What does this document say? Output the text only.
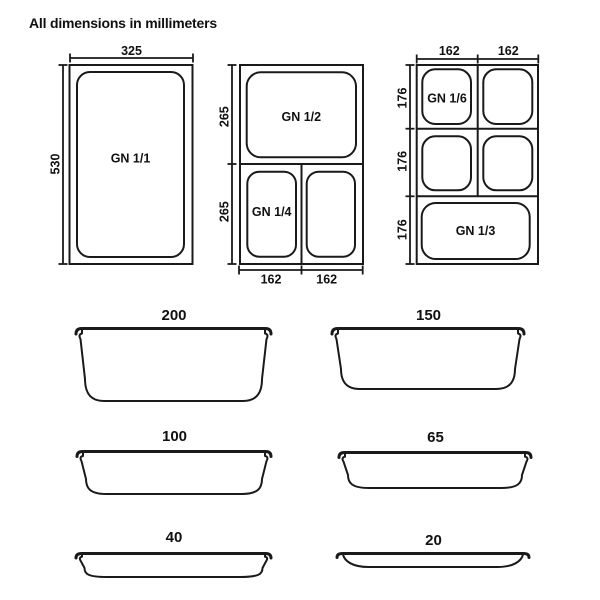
All dimensions in millimeters
325
530	GN 1/1
GN 1/2
GN 1/4
265
265
162	162
162	162
GN 1/6
GN 1/3
176
176
176
200	150
100	65
40	20
